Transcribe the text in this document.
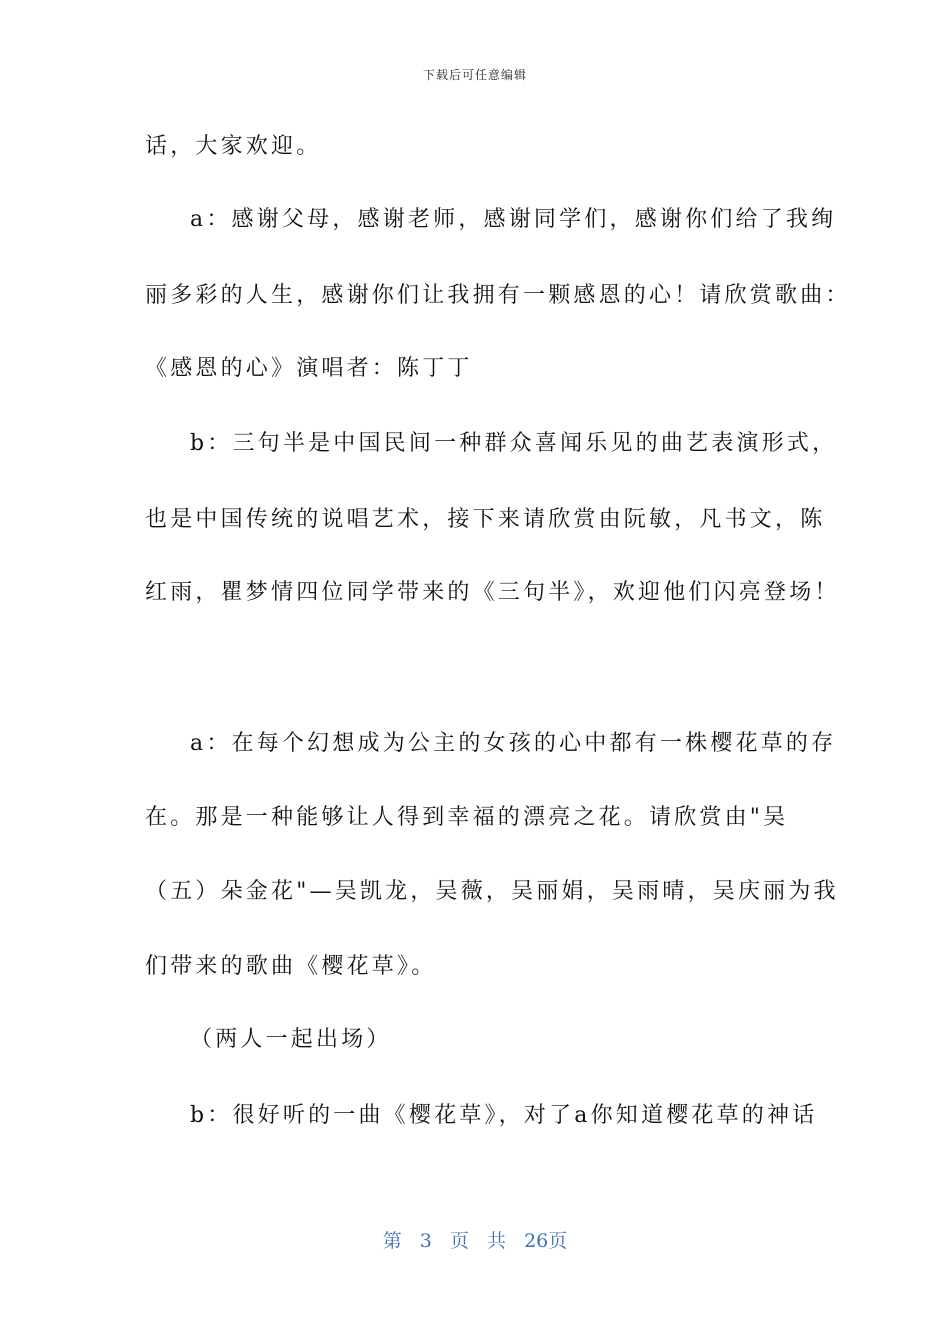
下载后可任意编辑
话，大家欢迎。
a：感谢父母，感谢老师，感谢同学们，感谢你们给了我绚
丽多彩的人生，感谢你们让我拥有一颗感恩的心！请欣赏歌曲：
《感恩的心》演唱者：陈丁丁
b：三句半是中国民间一种群众喜闻乐见的曲艺表演形式，
也是中国传统的说唱艺术，接下来请欣赏由阮敏，凡书文，陈
红雨，瞿梦情四位同学带来的《三句半》，欢迎他们闪亮登场！
a：在每个幻想成为公主的女孩的心中都有一株樱花草的存
在。那是一种能够让人得到幸福的漂亮之花。请欣赏由"吴
（五）朵金花"—吴凯龙，吴薇，吴丽娟，吴雨晴，吴庆丽为我
们带来的歌曲《樱花草》。
（两人一起出场）
b：很好听的一曲《樱花草》，对了a你知道樱花草的神话
第 3 页 共 26页
